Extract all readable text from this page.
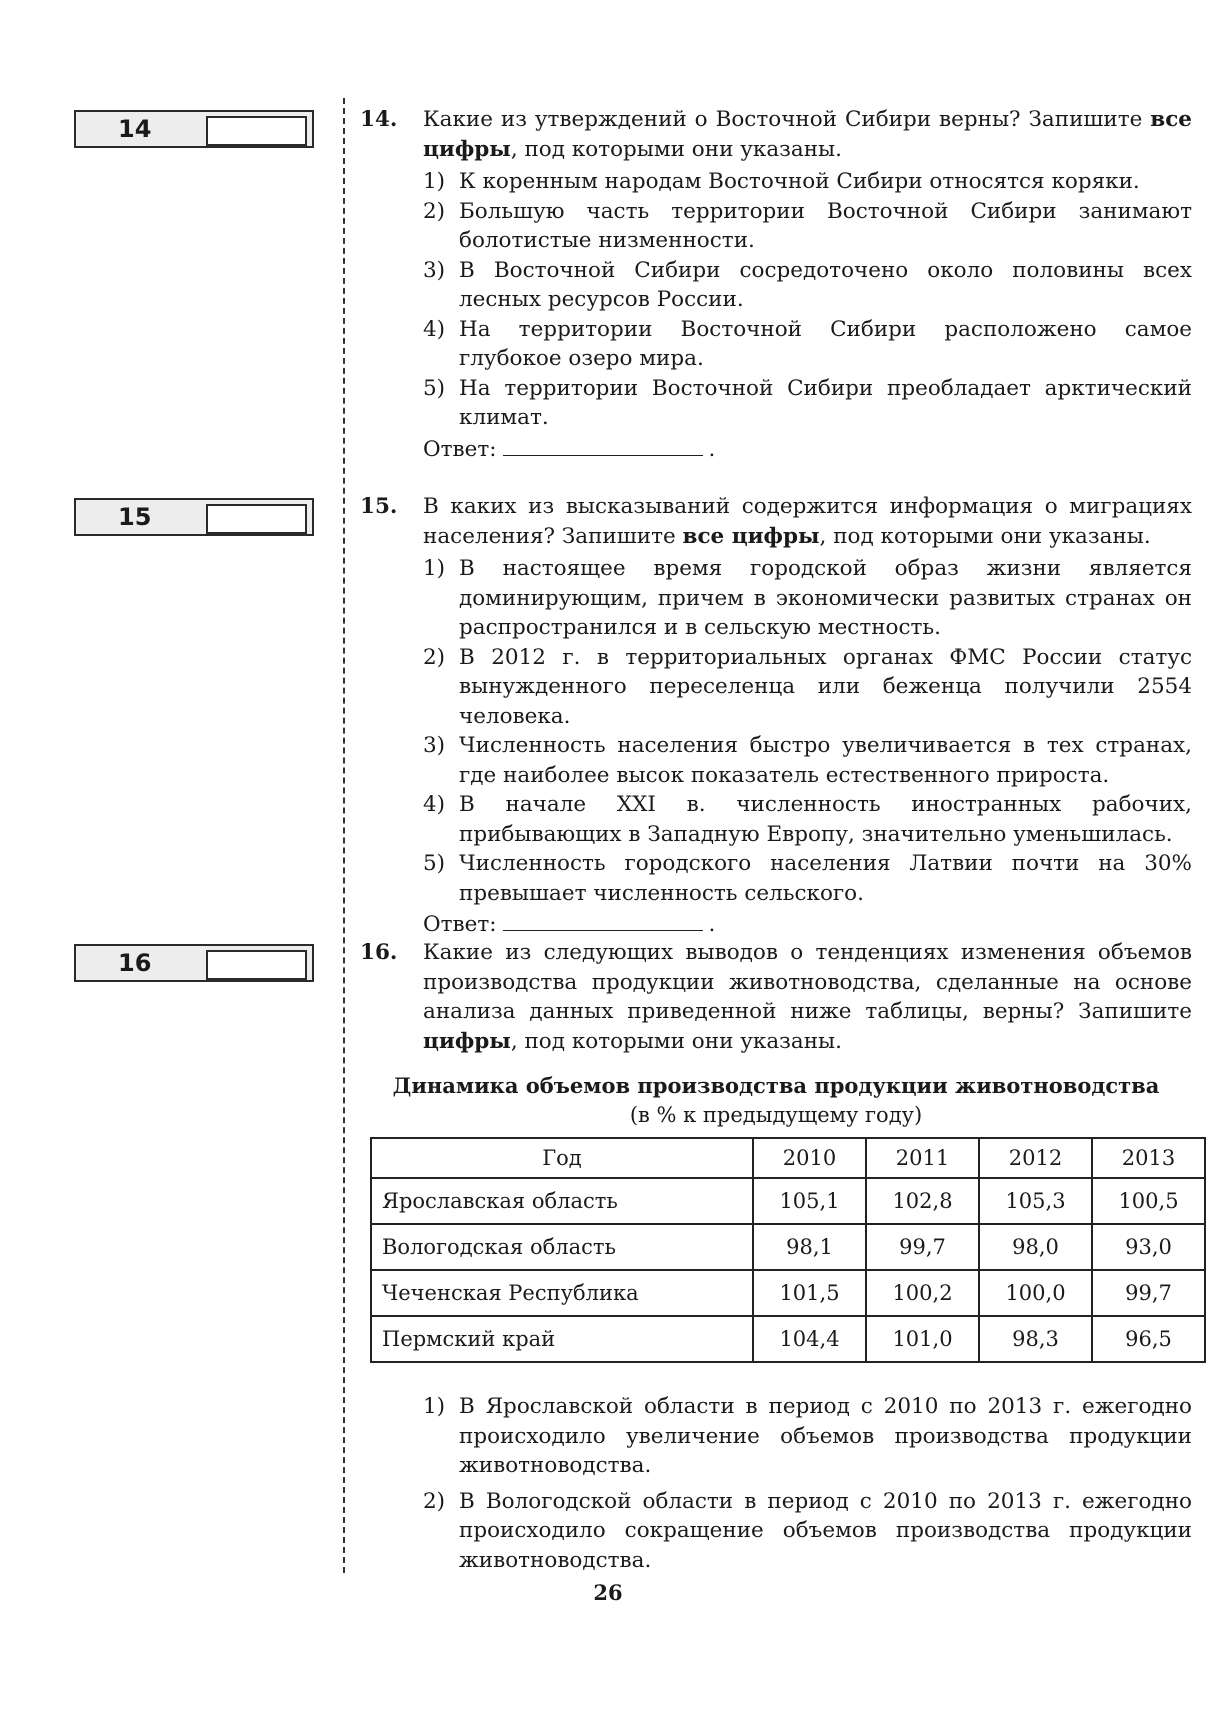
14
15
16
14. Какие из утверждений о Восточной Сибири верны? Запишите все цифры, под которыми они указаны.
1) К коренным народам Восточной Сибири относятся коряки.
2) Большую часть территории Восточной Сибири занимают болотистые низменности.
3) В Восточной Сибири сосредоточено около половины всех лесных ресурсов России.
4) На территории Восточной Сибири расположено самое глубокое озеро мира.
5) На территории Восточной Сибири преобладает арктический климат.
Ответ:	.
15. В каких из высказываний содержится информация о миграциях населения? Запишите все цифры, под которыми они указаны.
1) В настоящее время городской образ жизни является доминирующим, причем в экономически развитых странах он распространился и в сельскую местность.
2) В 2012 г. в территориальных органах ФМС России статус вынужденного переселенца или беженца получили 2554 человека.
3) Численность населения быстро увеличивается в тех странах, где наиболее высок показатель естественного прироста.
4) В начале XXI в. численность иностранных рабочих, прибывающих в Западную Европу, значительно уменьшилась.
5) Численность городского населения Латвии почти на 30% превышает численность сельского.
Ответ:	.
16. Какие из следующих выводов о тенденциях изменения объемов производства продукции животноводства, сделанные на основе анализа данных приведенной ниже таблицы, верны? Запишите цифры, под которыми они указаны.
Динамика объемов производства продукции животноводства
(в % к предыдущему году)
Год	2010	2011	2012	2013
Ярославская область	105,1	102,8	105,3	100,5
Вологодская область	98,1	99,7	98,0	93,0
Чеченская Республика	101,5	100,2	100,0	99,7
Пермский край	104,4	101,0	98,3	96,5
1) В Ярославской области в период с 2010 по 2013 г. ежегодно происходило увеличение объемов производства продукции животноводства.
2) В Вологодской области в период с 2010 по 2013 г. ежегодно происходило сокращение объемов производства продукции животноводства.
26
